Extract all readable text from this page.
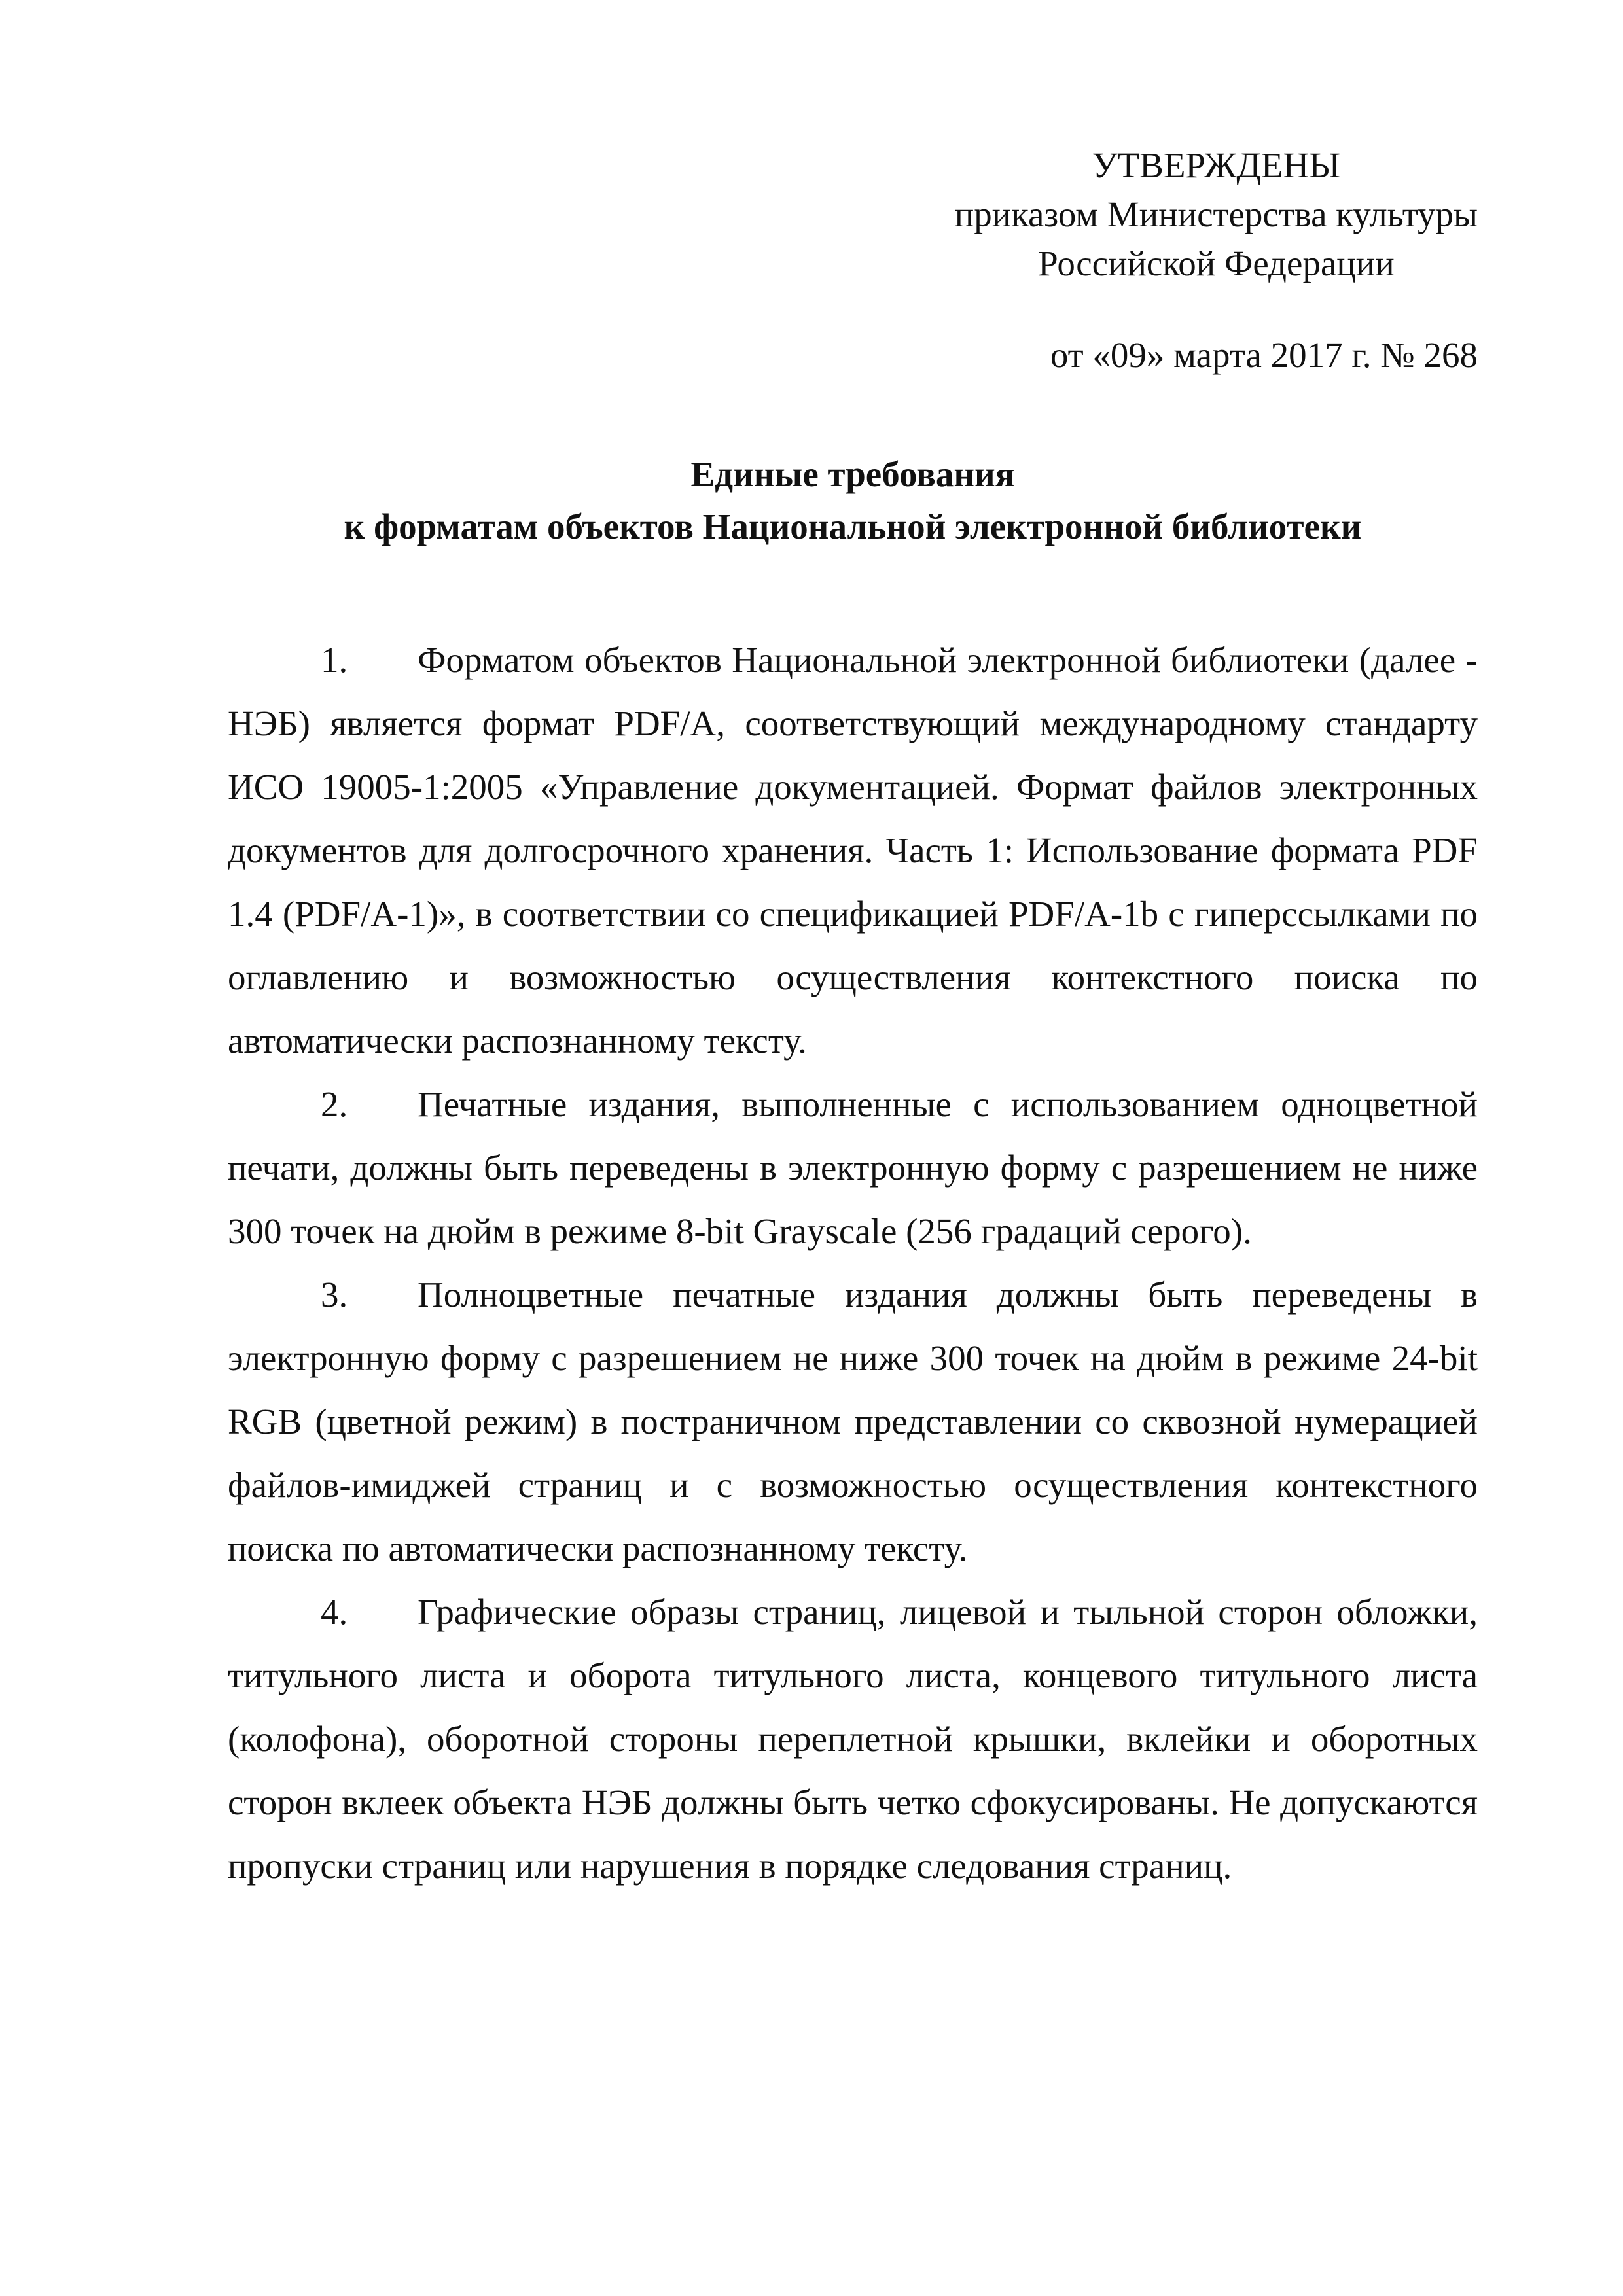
УТВЕРЖДЕНЫ
приказом Министерства культуры
Российской Федерации
от «09» марта 2017 г. № 268
Единые требования
к форматам объектов Национальной электронной библиотеки

1. Форматом объектов Национальной электронной библиотеки (далее - НЭБ) является формат PDF/A, соответствующий международному стандарту ИСО 19005-1:2005 «Управление документацией. Формат файлов электронных документов для долгосрочного хранения. Часть 1: Использование формата PDF 1.4 (PDF/A-1)», в соответствии со спецификацией PDF/A-1b с гиперссылками по оглавлению и возможностью осуществления контекстного поиска по автоматически распознанному тексту.

2. Печатные издания, выполненные с использованием одноцветной печати, должны быть переведены в электронную форму с разрешением не ниже 300 точек на дюйм в режиме 8-bit Grayscale (256 градаций серого).

3. Полноцветные печатные издания должны быть переведены в электронную форму с разрешением не ниже 300 точек на дюйм в режиме 24-bit RGB (цветной режим) в постраничном представлении со сквозной нумерацией файлов-имиджей страниц и с возможностью осуществления контекстного поиска по автоматически распознанному тексту.

4. Графические образы страниц, лицевой и тыльной сторон обложки, титульного листа и оборота титульного листа, концевого титульного листа (колофона), оборотной стороны переплетной крышки, вклейки и оборотных сторон вклеек объекта НЭБ должны быть четко сфокусированы. Не допускаются пропуски страниц или нарушения в порядке следования страниц.
